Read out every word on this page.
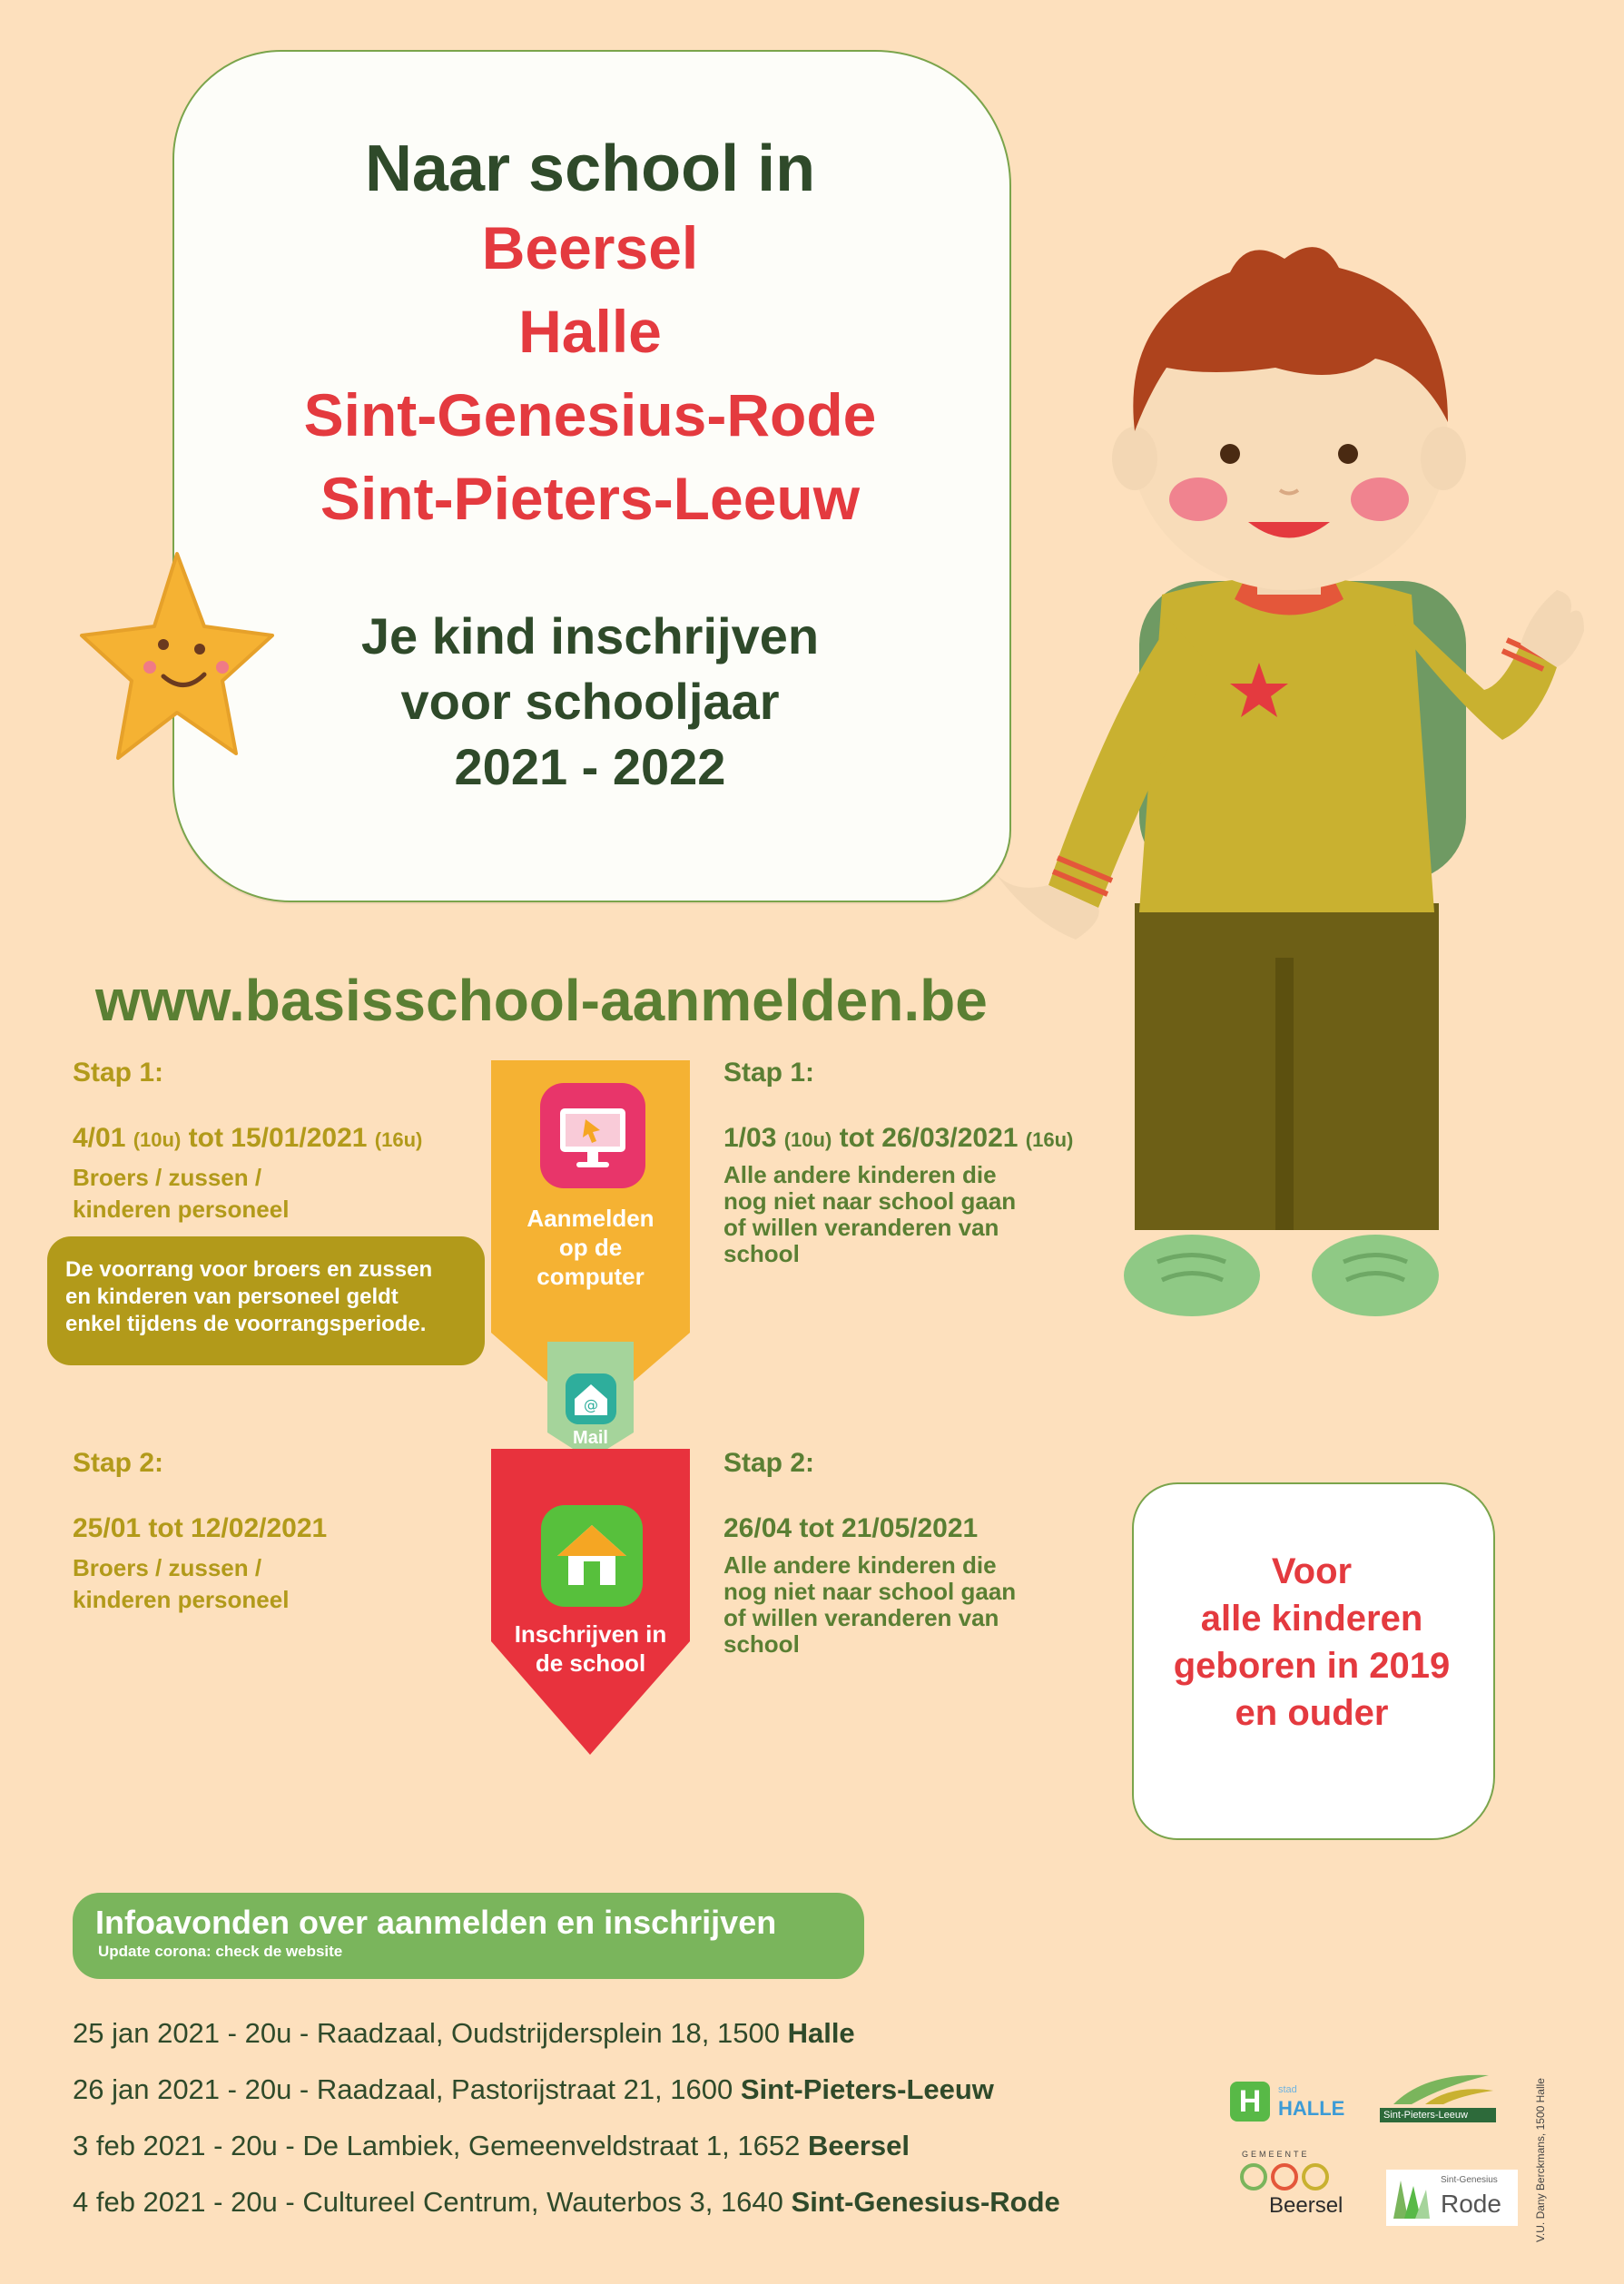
Naar school in
Beersel
Halle
Sint-Genesius-Rode
Sint-Pieters-Leeuw
Je kind inschrijven
voor schooljaar
2021 - 2022
www.basisschool-aanmelden.be
Stap 1:
4/01 (10u) tot 15/01/2021 (16u)
Broers / zussen /
kinderen personeel
De voorrang voor broers en zussen
en kinderen van personeel geldt
enkel tijdens de voorrangsperiode.
Stap 2:
25/01 tot 12/02/2021
Broers / zussen /
kinderen personeel
Stap 1:
1/03 (10u) tot 26/03/2021 (16u)
Alle andere kinderen die
nog niet naar school gaan
of willen veranderen van
school
Stap 2:
26/04 tot 21/05/2021
Alle andere kinderen die
nog niet naar school gaan
of willen veranderen van
school
Aanmelden
op de
computer
@
Mail
Inschrijven in
de school
Voor
alle kinderen
geboren in 2019
en ouder
Infoavonden over aanmelden en inschrijven
Update corona: check de website
25 jan 2021 - 20u - Raadzaal, Oudstrijdersplein 18, 1500 Halle
26 jan 2021 - 20u - Raadzaal, Pastorijstraat 21, 1600 Sint-Pieters-Leeuw
3 feb 2021 - 20u - De Lambiek, Gemeenveldstraat 1, 1652 Beersel
4 feb 2021 - 20u - Cultureel Centrum, Wauterbos 3, 1640 Sint-Genesius-Rode
H	stad
HALLE	Sint-Pieters-Leeuw
GEMEENTE
Beersel
Sint-Genesius
Rode	V.U. Dany Berckmans, 1500 Halle
